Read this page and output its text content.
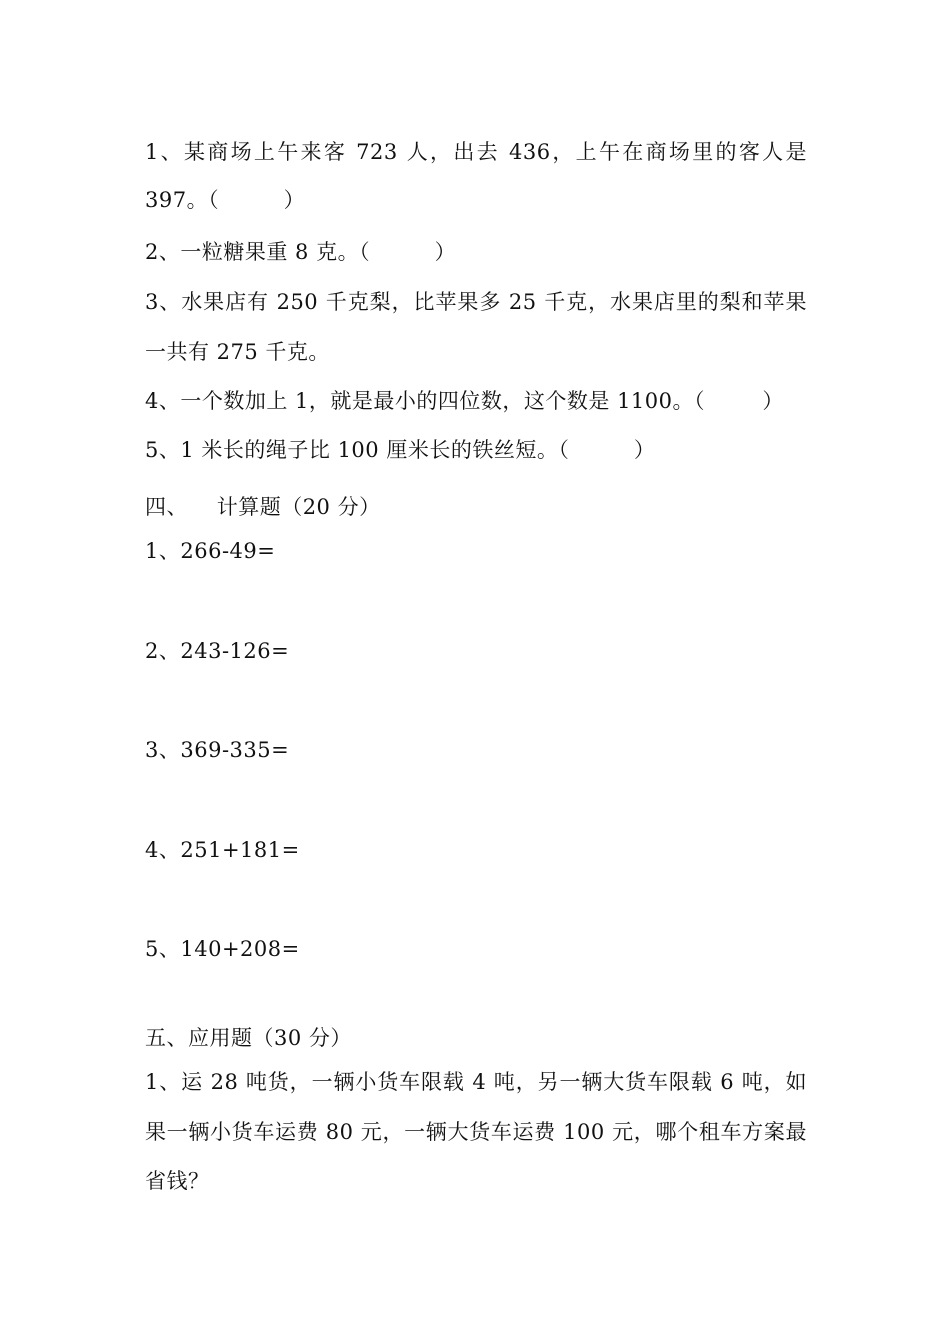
1、某商场上午来客 723 人，出去 436，上午在商场里的客人是
397。（         ）
2、一粒糖果重 8 克。（         ）
3、水果店有 250 千克梨，比苹果多 25 千克，水果店里的梨和苹果
一共有 275 千克。
4、一个数加上 1，就是最小的四位数，这个数是 1100。（        ）
5、1 米长的绳子比 100 厘米长的铁丝短。（         ）
四、    计算题（20 分）
1、266-49=
2、243-126=
3、369-335=
4、251+181=
5、140+208=
五、应用题（30 分）
1、运 28 吨货，一辆小货车限载 4 吨，另一辆大货车限载 6 吨，如
果一辆小货车运费 80 元，一辆大货车运费 100 元，哪个租车方案最
省钱？
